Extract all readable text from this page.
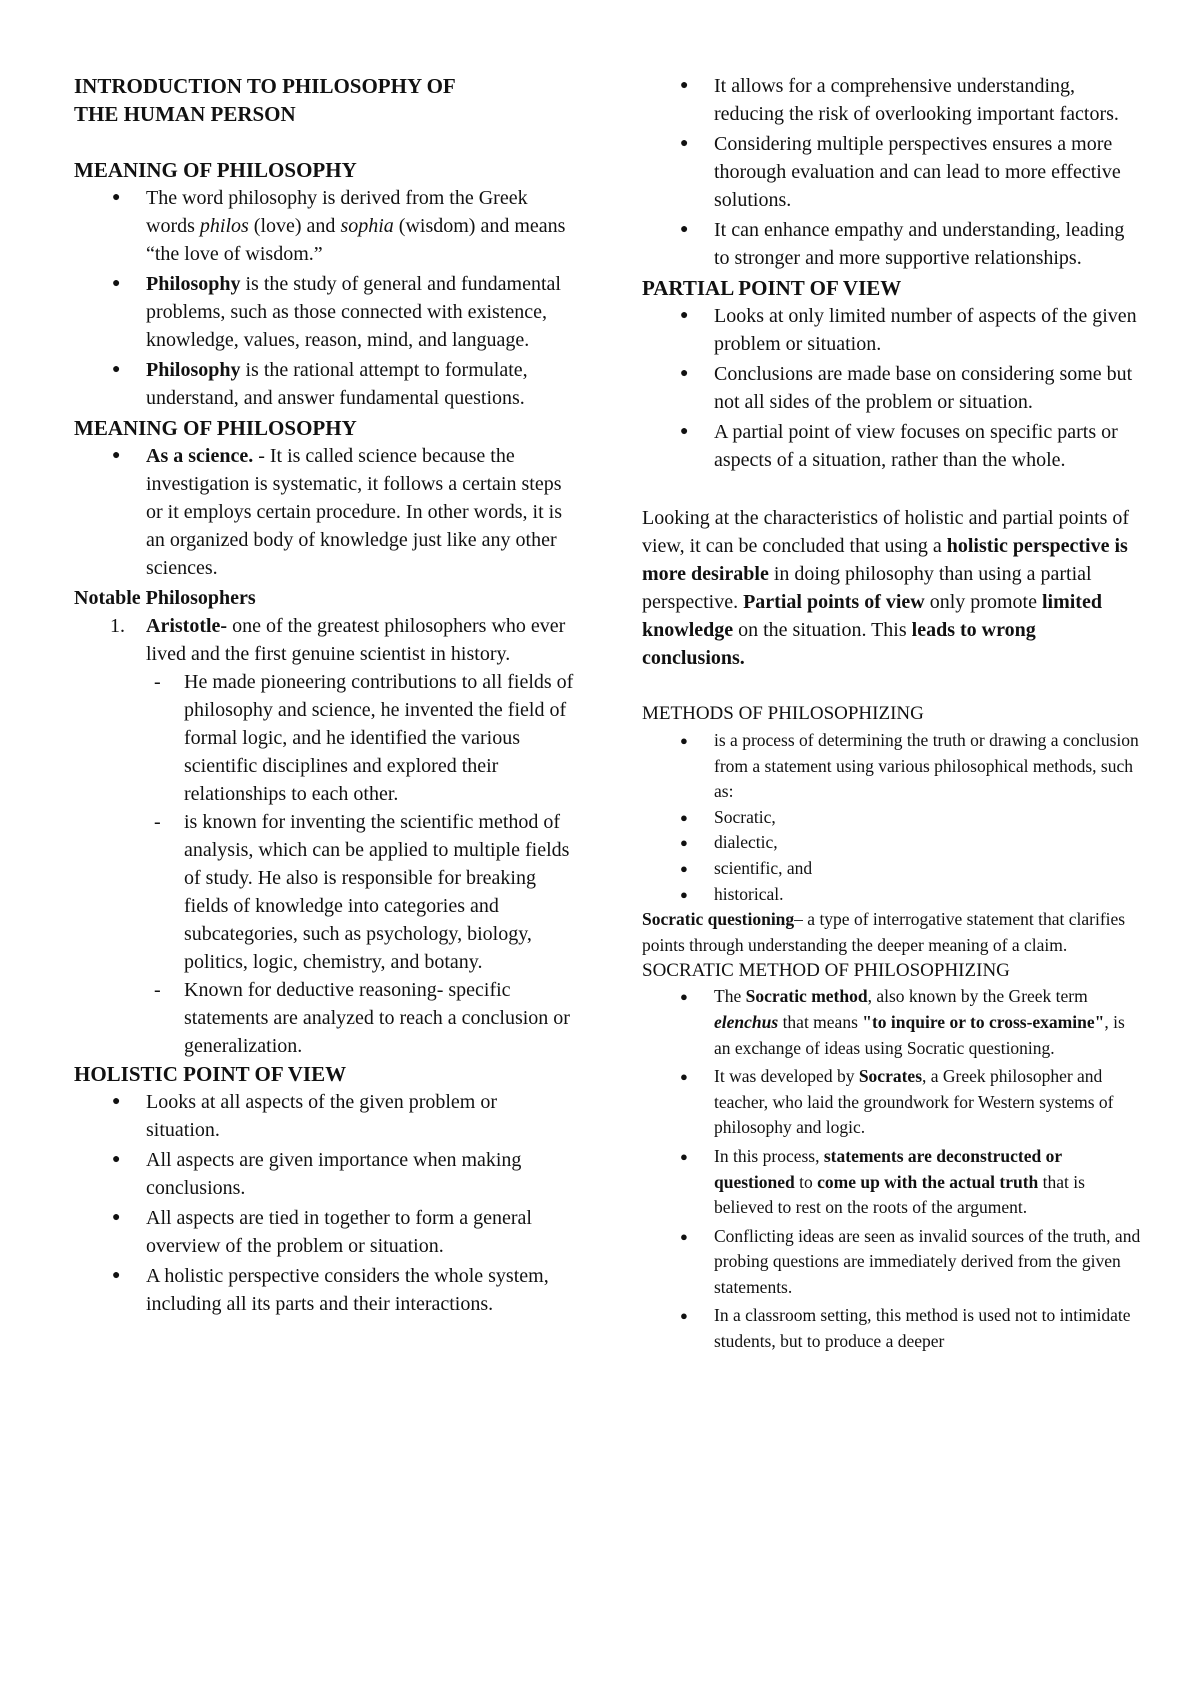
INTRODUCTION TO PHILOSOPHY OF
THE HUMAN PERSON

MEANING OF PHILOSOPHY

● The word philosophy is derived from the Greek words philos (love) and sophia (wisdom) and means “the love of wisdom.”
● Philosophy is the study of general and fundamental problems, such as those connected with existence, knowledge, values, reason, mind, and language.
● Philosophy is the rational attempt to formulate, understand, and answer fundamental questions.

MEANING OF PHILOSOPHY

● As a science. - It is called science because the investigation is systematic, it follows a certain steps or it employs certain procedure. In other words, it is an organized body of knowledge just like any other sciences.

Notable Philosophers

1. Aristotle- one of the greatest philosophers who ever lived and the first genuine scientist in history.
- He made pioneering contributions to all fields of philosophy and science, he invented the field of formal logic, and he identified the various scientific disciplines and explored their relationships to each other.
- is known for inventing the scientific method of analysis, which can be applied to multiple fields of study. He also is responsible for breaking fields of knowledge into categories and subcategories, such as psychology, biology, politics, logic, chemistry, and botany.
- Known for deductive reasoning- specific statements are analyzed to reach a conclusion or generalization.

HOLISTIC POINT OF VIEW

● Looks at all aspects of the given problem or situation.
● All aspects are given importance when making conclusions.
● All aspects are tied in together to form a general overview of the problem or situation.
● A holistic perspective considers the whole system, including all its parts and their interactions.
● It allows for a comprehensive understanding, reducing the risk of overlooking important factors.
● Considering multiple perspectives ensures a more thorough evaluation and can lead to more effective solutions.
● It can enhance empathy and understanding, leading to stronger and more supportive relationships.

PARTIAL POINT OF VIEW

● Looks at only limited number of aspects of the given problem or situation.
● Conclusions are made base on considering some but not all sides of the problem or situation.
● A partial point of view focuses on specific parts or aspects of a situation, rather than the whole.

Looking at the characteristics of holistic and partial points of view, it can be concluded that using a holistic perspective is more desirable in doing philosophy than using a partial perspective. Partial points of view only promote limited knowledge on the situation. This leads to wrong conclusions.

METHODS OF PHILOSOPHIZING

● is a process of determining the truth or drawing a conclusion from a statement using various philosophical methods, such as:
● Socratic,
● dialectic,
● scientific, and
● historical.

Socratic questioning– a type of interrogative statement that clarifies points through understanding the deeper meaning of a claim.

SOCRATIC METHOD OF PHILOSOPHIZING

● The Socratic method, also known by the Greek term elenchus that means "to inquire or to cross-examine", is an exchange of ideas using Socratic questioning.
● It was developed by Socrates, a Greek philosopher and teacher, who laid the groundwork for Western systems of philosophy and logic.
● In this process, statements are deconstructed or questioned to come up with the actual truth that is believed to rest on the roots of the argument.
● Conflicting ideas are seen as invalid sources of the truth, and probing questions are immediately derived from the given statements.
● In a classroom setting, this method is used not to intimidate students, but to produce a deeper
